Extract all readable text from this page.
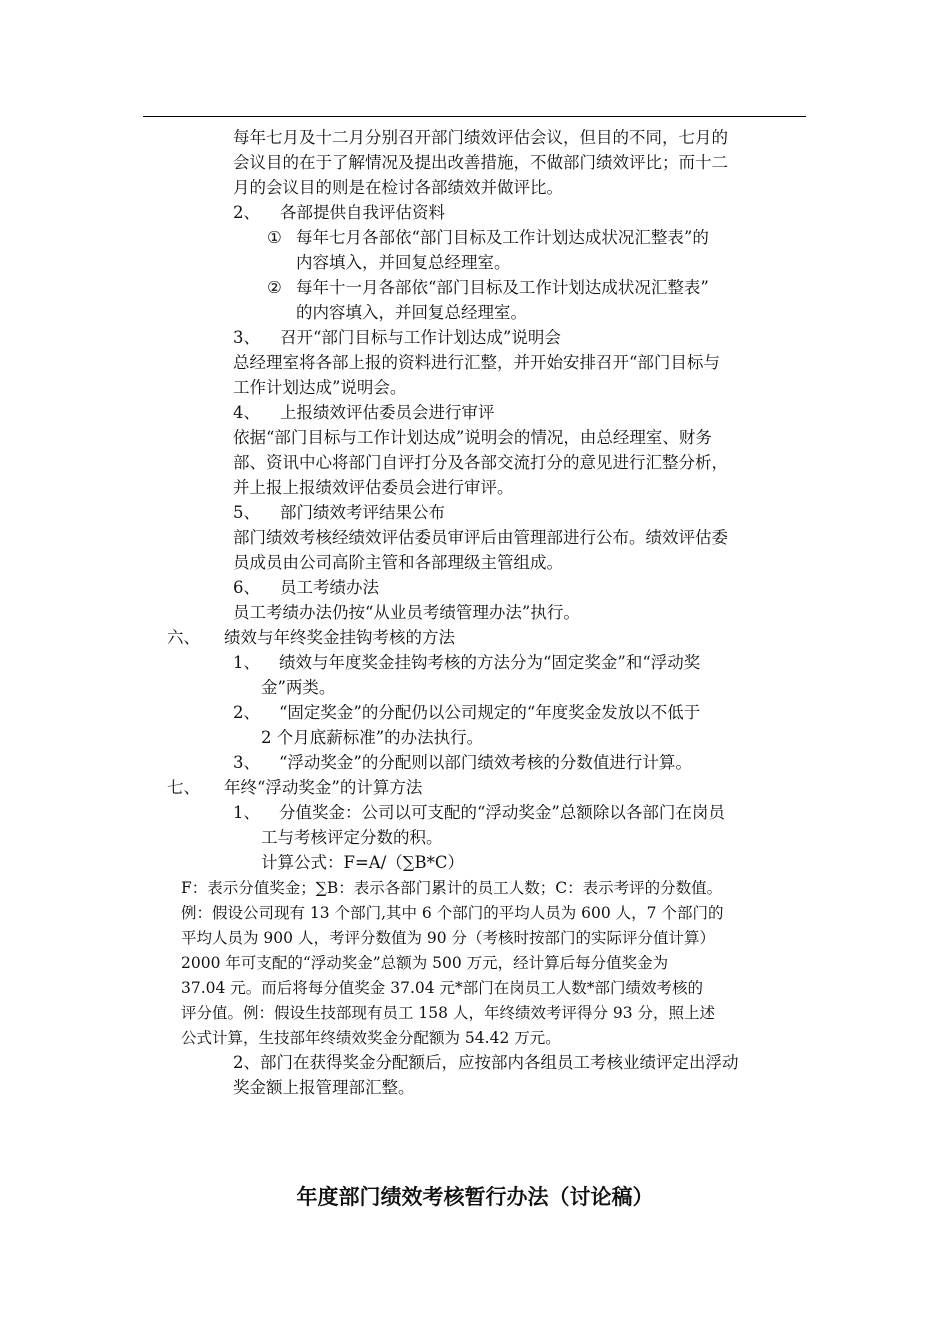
每年七月及十二月分别召开部门绩效评估会议，但目的不同，七月的
会议目的在于了解情况及提出改善措施，不做部门绩效评比；而十二
月的会议目的则是在检讨各部绩效并做评比。
2、 各部提供自我评估资料
① 每年七月各部依“部门目标及工作计划达成状况汇整表”的
内容填入，并回复总经理室。
② 每年十一月各部依“部门目标及工作计划达成状况汇整表”
的内容填入，并回复总经理室。
3、 召开“部门目标与工作计划达成”说明会
总经理室将各部上报的资料进行汇整，并开始安排召开“部门目标与
工作计划达成”说明会。
4、 上报绩效评估委员会进行审评
依据“部门目标与工作计划达成”说明会的情况，由总经理室、财务
部、资讯中心将部门自评打分及各部交流打分的意见进行汇整分析，
并上报上报绩效评估委员会进行审评。
5、 部门绩效考评结果公布
部门绩效考核经绩效评估委员审评后由管理部进行公布。绩效评估委
员成员由公司高阶主管和各部理级主管组成。
6、 员工考绩办法
员工考绩办法仍按“从业员考绩管理办法”执行。
六、 绩效与年终奖金挂钩考核的方法
1、 绩效与年度奖金挂钩考核的方法分为“固定奖金”和“浮动奖
金”两类。
2、 “固定奖金”的分配仍以公司规定的“年度奖金发放以不低于
2 个月底薪标准”的办法执行。
3、 “浮动奖金”的分配则以部门绩效考核的分数值进行计算。
七、 年终“浮动奖金”的计算方法
1、 分值奖金：公司以可支配的“浮动奖金”总额除以各部门在岗员
工与考核评定分数的积。
计算公式：F=A/（∑B*C）
F：表示分值奖金；∑B：表示各部门累计的员工人数；C：表示考评的分数值。
例：假设公司现有 13 个部门,其中 6 个部门的平均人员为 600 人，7 个部门的
平均人员为 900 人，考评分数值为 90 分（考核时按部门的实际评分值计算）
2000 年可支配的“浮动奖金”总额为 500 万元，经计算后每分值奖金为
37.04 元。而后将每分值奖金 37.04 元*部门在岗员工人数*部门绩效考核的
评分值。例：假设生技部现有员工 158 人，年终绩效考评得分 93 分，照上述
公式计算，生技部年终绩效奖金分配额为 54.42 万元。
2、部门在获得奖金分配额后，应按部内各组员工考核业绩评定出浮动
奖金额上报管理部汇整。
年度部门绩效考核暂行办法（讨论稿）
